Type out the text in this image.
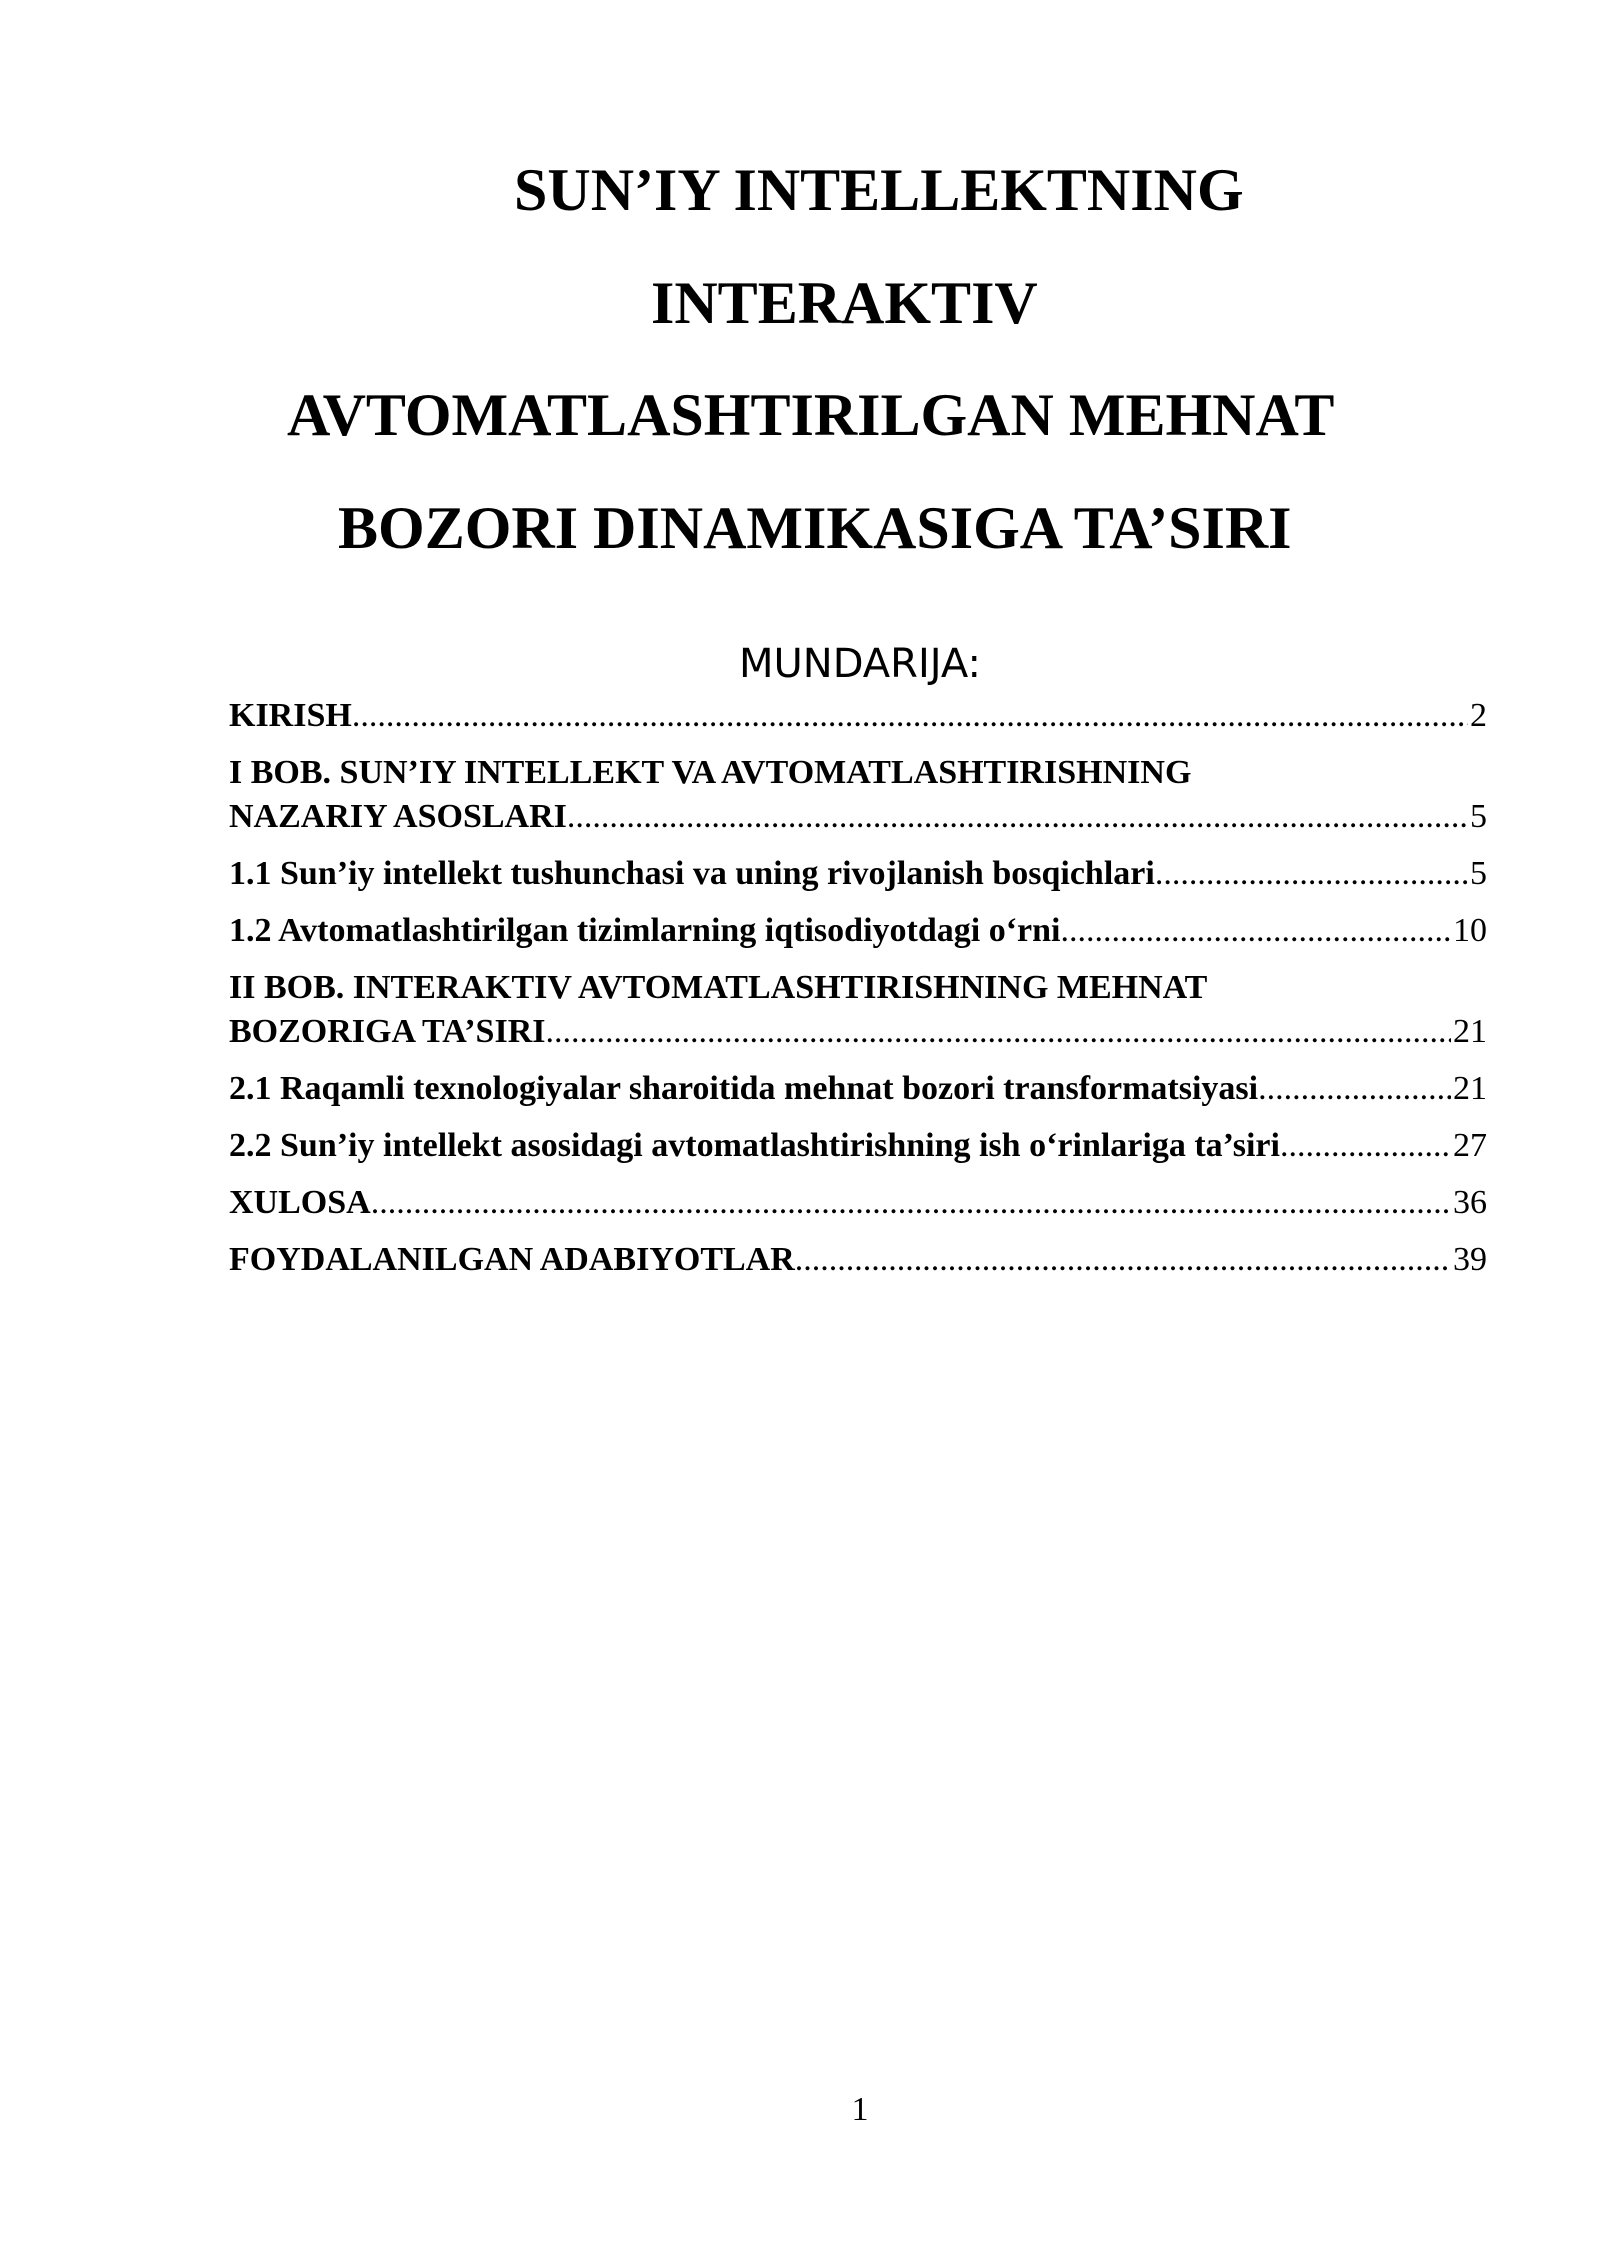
SUN’IY INTELLEKTNING
INTERAKTIV
AVTOMATLASHTIRILGAN MEHNAT
BOZORI DINAMIKASIGA TA’SIRI
MUNDARIJA:
KIRISH .....	2
I BOB. SUN’IY INTELLEKT VA AVTOMATLASHTIRISHNING
NAZARIY ASOSLARI .....	5
1.1 Sun’iy intellekt tushunchasi va uning rivojlanish bosqichlari .....	5
1.2 Avtomatlashtirilgan tizimlarning iqtisodiyotdagi o‘rni .....	10
II BOB. INTERAKTIV AVTOMATLASHTIRISHNING MEHNAT
BOZORIGA TA’SIRI .....	21
2.1 Raqamli texnologiyalar sharoitida mehnat bozori transformatsiyasi .....	21
2.2 Sun’iy intellekt asosidagi avtomatlashtirishning ish o‘rinlariga ta’siri .....	27
XULOSA .....	36
FOYDALANILGAN ADABIYOTLAR .....	39

1
